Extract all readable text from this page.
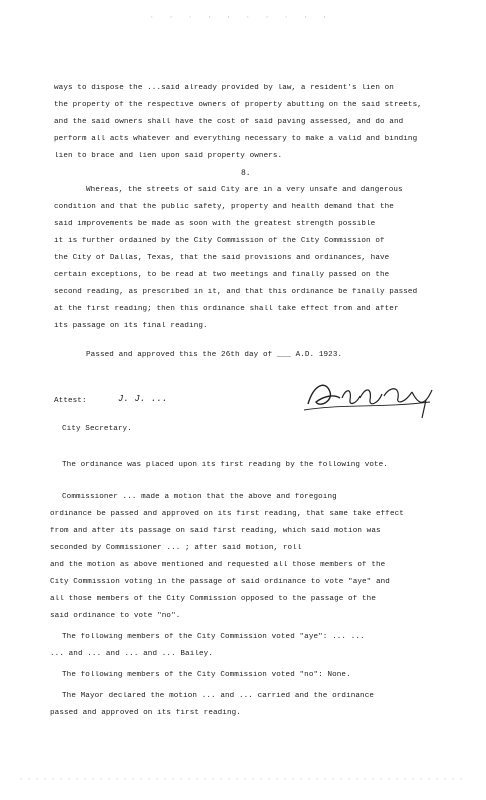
· · · · · · · · · ·
ways to dispose the ...said already provided by law, a resident's lien on
the property of the respective owners of property abutting on the said streets,
and the said owners shall have the cost of said paving assessed, and do and
perform all acts whatever and everything necessary to make a valid and binding
lien to brace and lien upon said property owners.
8.
Whereas, the streets of said City are in a very unsafe and dangerous
condition and that the public safety, property and health demand that the
said improvements be made as soon with the greatest strength possible
it is further ordained by the City Commission of the City Commission of
the City of Dallas, Texas, that the said provisions and ordinances, have
certain exceptions, to be read at two meetings and finally passed on the
second reading, as prescribed in it, and that this ordinance be finally passed
at the first reading; then this ordinance shall take effect from and after
its passage on its final reading.
Passed and approved this the 26th day of ___ A.D. 1923.
Attest:	J. J. ...
City Secretary.
The ordinance was placed upon its first reading by the following vote.
Commissioner ... made a motion that the above and foregoing
ordinance be passed and approved on its first reading, that same take effect
from and after its passage on said first reading, which said motion was
seconded by Commissioner ... ; after said motion, roll
and the motion as above mentioned and requested all those members of the
City Commission voting in the passage of said ordinance to vote "aye" and
all those members of the City Commission opposed to the passage of the
said ordinance to vote "no".
The following members of the City Commission voted "aye": ... ...
... and ... and ... and ... Bailey.
The following members of the City Commission voted "no": None.
The Mayor declared the motion ... and ... carried and the ordinance
passed and approved on its first reading.
